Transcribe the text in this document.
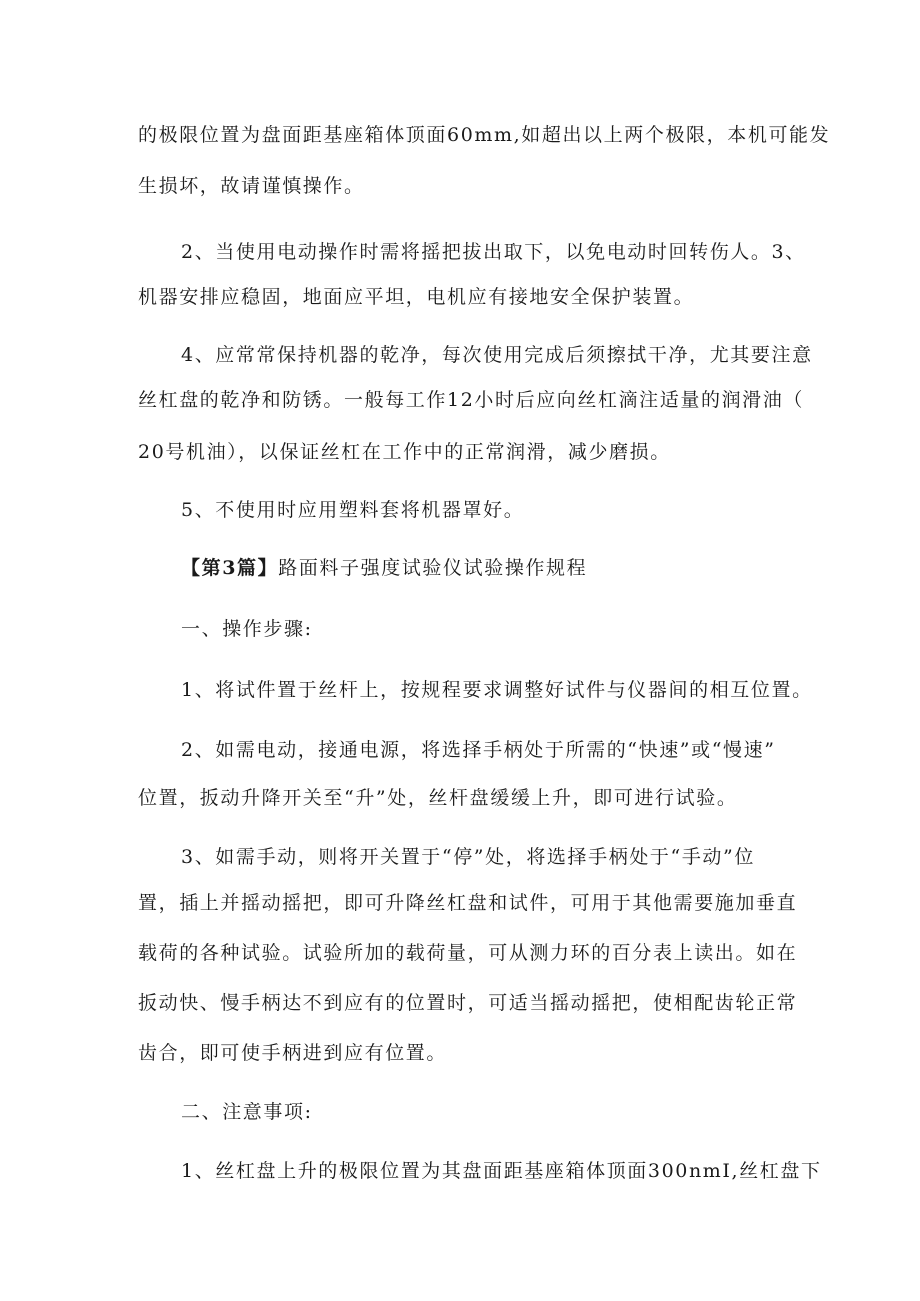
的极限位置为盘面距基座箱体顶面60mm,如超出以上两个极限，本机可能发
生损坏，故请谨慎操作。
2、当使用电动操作时需将摇把拔出取下，以免电动时回转伤人。3、
机器安排应稳固，地面应平坦，电机应有接地安全保护装置。
4、应常常保持机器的乾净，每次使用完成后须擦拭干净，尤其要注意
丝杠盘的乾净和防锈。一般每工作12小时后应向丝杠滴注适量的润滑油（
20号机油），以保证丝杠在工作中的正常润滑，减少磨损。
5、不使用时应用塑料套将机器罩好。
【第3篇】路面料子强度试验仪试验操作规程
一、操作步骤:
1、将试件置于丝杆上，按规程要求调整好试件与仪器间的相互位置。
2、如需电动，接通电源，将选择手柄处于所需的“快速”或“慢速”
位置，扳动升降开关至“升”处，丝杆盘缓缓上升，即可进行试验。
3、如需手动，则将开关置于“停”处，将选择手柄处于“手动”位
置，插上并摇动摇把，即可升降丝杠盘和试件，可用于其他需要施加垂直
载荷的各种试验。试验所加的载荷量，可从测力环的百分表上读出。如在
扳动快、慢手柄达不到应有的位置时，可适当摇动摇把，使相配齿轮正常
齿合，即可使手柄进到应有位置。
二、注意事项:
1、丝杠盘上升的极限位置为其盘面距基座箱体顶面300nmI,丝杠盘下
